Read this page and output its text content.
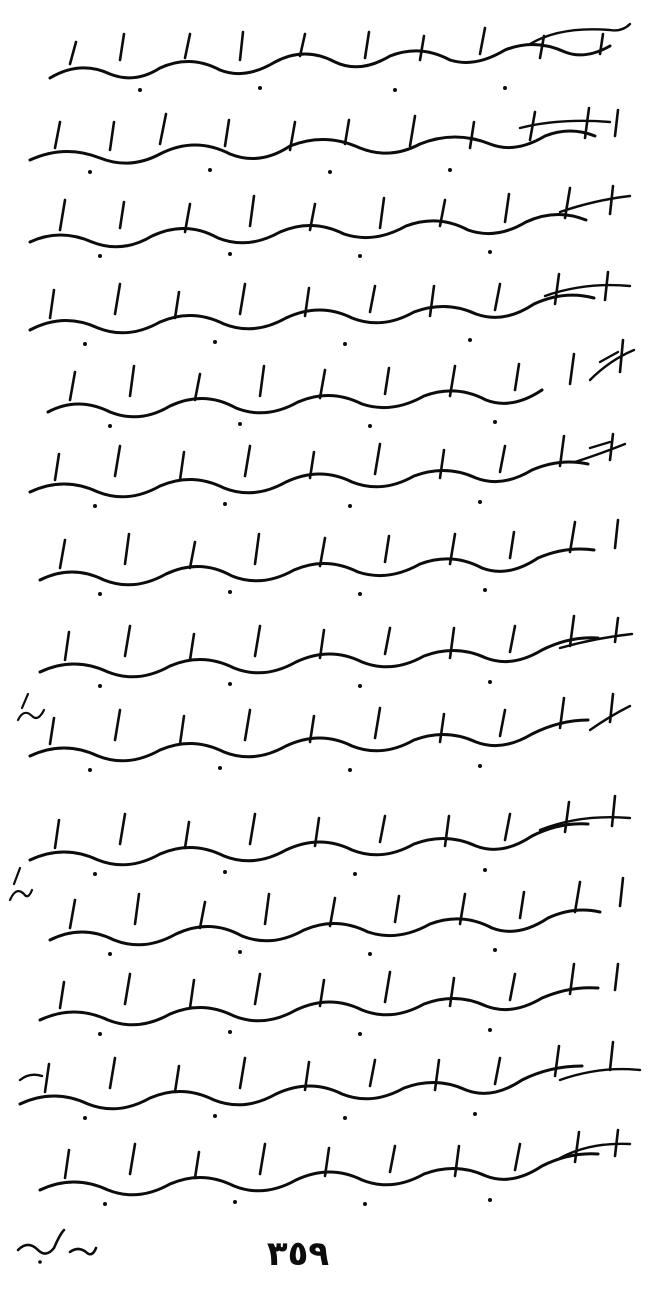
٣٥٩
